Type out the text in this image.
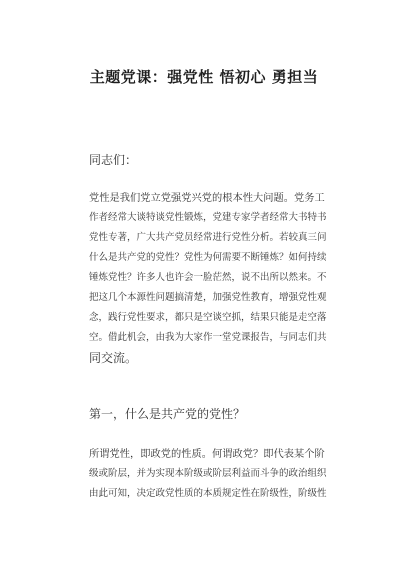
主题党课：强党性 悟初心 勇担当
同志们：
党性是我们党立党强党兴党的根本性大问题。党务工
作者经常大谈特谈党性锻炼，党建专家学者经常大书特书
党性专著，广大共产党员经常进行党性分析。若较真三问
什么是共产党的党性？党性为何需要不断锤炼？如何持续
锤炼党性？许多人也许会一脸茫然，说不出所以然来。不
把这几个本源性问题搞清楚，加强党性教育，增强党性观
念，践行党性要求，都只是空谈空抓，结果只能是走空落
空。借此机会，由我为大家作一堂党课报告，与同志们共
同交流。
第一，什么是共产党的党性？
所谓党性，即政党的性质。何谓政党？即代表某个阶
级或阶层，并为实现本阶级或阶层利益而斗争的政治组织
由此可知，决定政党性质的本质规定性在阶级性，阶级性
